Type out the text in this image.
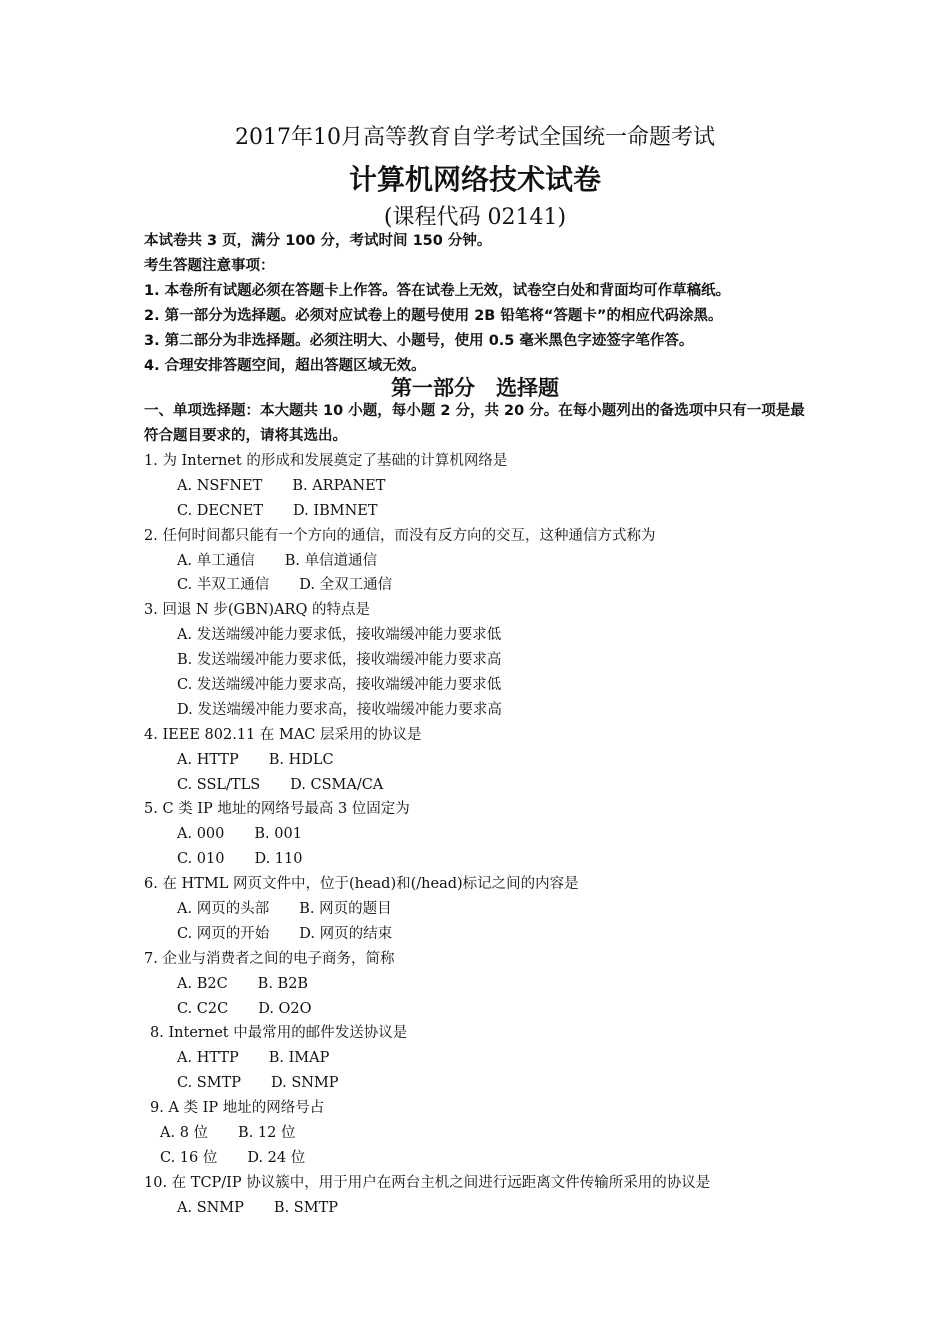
2017年10月高等教育自学考试全国统一命题考试
计算机网络技术试卷
(课程代码 02141)
本试卷共 3 页，满分 100 分，考试时间 150 分钟。
考生答题注意事项：
1. 本卷所有试题必须在答题卡上作答。答在试卷上无效，试卷空白处和背面均可作草稿纸。
2. 第一部分为选择题。必须对应试卷上的题号使用 2B 铅笔将“答题卡”的相应代码涂黑。
3. 第二部分为非选择题。必须注明大、小题号，使用 0.5 毫米黑色字迹签字笔作答。
4. 合理安排答题空间，超出答题区域无效。
第一部分　选择题
一、单项选择题：本大题共 10 小题，每小题 2 分，共 20 分。在每小题列出的备选项中只有一项是最符合题目要求的，请将其选出。
1. 为 Internet 的形成和发展奠定了基础的计算机网络是
A. NSFNET B. ARPANET
C. DECNET D. IBMNET
2. 任何时间都只能有一个方向的通信，而没有反方向的交互，这种通信方式称为
A. 单工通信 B. 单信道通信
C. 半双工通信 D. 全双工通信
3. 回退 N 步(GBN)ARQ 的特点是
A. 发送端缓冲能力要求低，接收端缓冲能力要求低
B. 发送端缓冲能力要求低，接收端缓冲能力要求高
C. 发送端缓冲能力要求高，接收端缓冲能力要求低
D. 发送端缓冲能力要求高，接收端缓冲能力要求高
4. IEEE 802.11 在 MAC 层采用的协议是
A. HTTP B. HDLC
C. SSL/TLS D. CSMA/CA
5. C 类 IP 地址的网络号最高 3 位固定为
A. 000 B. 001
C. 010 D. 110
6. 在 HTML 网页文件中，位于(head)和(/head)标记之间的内容是
A. 网页的头部 B. 网页的题目
C. 网页的开始 D. 网页的结束
7. 企业与消费者之间的电子商务，简称
A. B2C B. B2B
C. C2C D. O2O
8. Internet 中最常用的邮件发送协议是
A. HTTP B. IMAP
C. SMTP D. SNMP
9. A 类 IP 地址的网络号占
A. 8 位 B. 12 位
C. 16 位 D. 24 位
10. 在 TCP/IP 协议簇中，用于用户在两台主机之间进行远距离文件传输所采用的协议是
A. SNMP B. SMTP
